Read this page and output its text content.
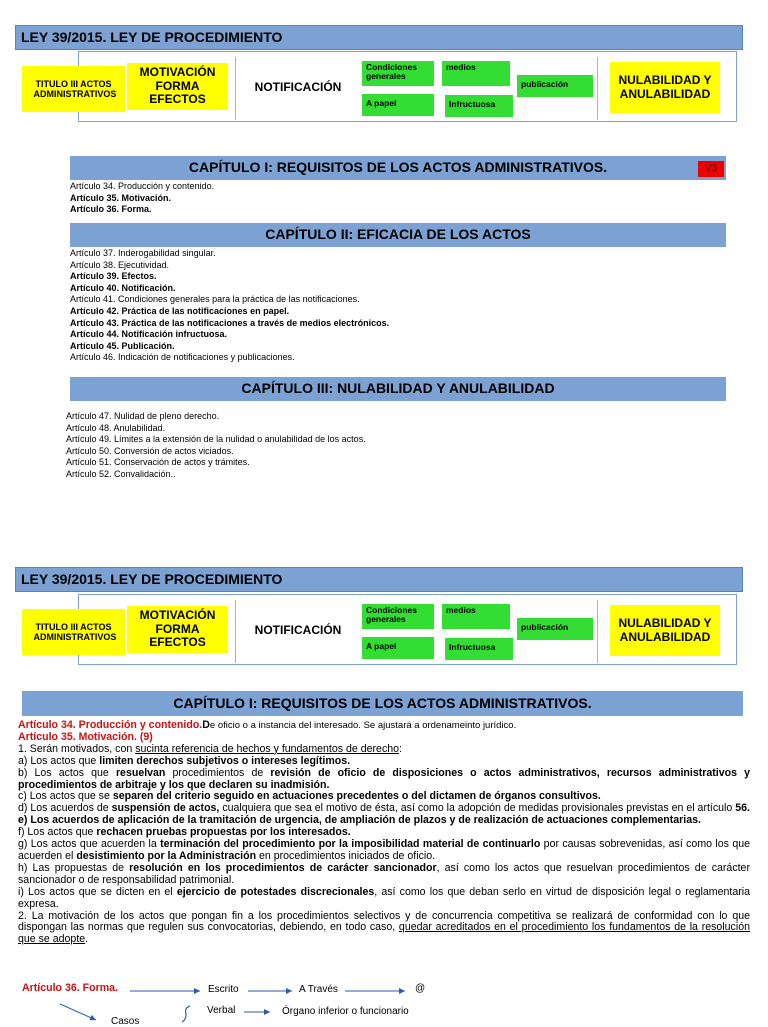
LEY 39/2015. LEY DE PROCEDIMIENTO
TITULO III ACTOS ADMINISTRATIVOS
MOTIVACIÓN FORMA EFECTOS
NOTIFICACIÓN
Condiciones generales
medios
publicación
A papel	Infructuosa
NULABILIDAD Y ANULABILIDAD
CAPÍTULO I: REQUISITOS DE LOS ACTOS ADMINISTRATIVOS.	V3
Artículo 34. Producción y contenido.
Artículo 35. Motivación.
Artículo 36. Forma.
CAPÍTULO II: EFICACIA DE LOS ACTOS
Artículo 37. Inderogabilidad singular.
Artículo 38. Ejecutividad.
Artículo 39. Efectos.
Artículo 40. Notificación.
Artículo 41. Condiciones generales para la práctica de las notificaciones.
Artículo 42. Práctica de las notificaciones en papel.
Artículo 43. Práctica de las notificaciones a través de medios electrónicos.
Artículo 44. Notificación infructuosa.
Artículo 45. Publicación.
Artículo 46. Indicación de notificaciones y publicaciones.
CAPÍTULO III: NULABILIDAD Y ANULABILIDAD
Artículo 47. Nulidad de pleno derecho.
Artículo 48. Anulabilidad.
Artículo 49. Límites a la extensión de la nulidad o anulabilidad de los actos.
Artículo 50. Conversión de actos viciados.
Artículo 51. Conservación de actos y trámites.
Artículo 52. Convalidación..
LEY 39/2015. LEY DE PROCEDIMIENTO
TITULO III ACTOS ADMINISTRATIVOS
MOTIVACIÓN FORMA EFECTOS
NOTIFICACIÓN
Condiciones generales
medios
publicación
A papel	Infructuosa
NULABILIDAD Y ANULABILIDAD
CAPÍTULO I: REQUISITOS DE LOS ACTOS ADMINISTRATIVOS.

Artículo 34. Producción y contenido.De oficio o a instancia del interesado. Se ajustará a ordenameinto jurídico.

Artículo 35. Motivación. (9)

1. Serán motivados, con sucinta referencia de hechos y fundamentos de derecho:

a) Los actos que limiten derechos subjetivos o intereses legítimos.

b) Los actos que resuelvan procedimientos de revisión de oficio de disposiciones o actos administrativos, recursos administrativos y procedimientos de arbitraje y los que declaren su inadmisión.

c) Los actos que se separen del criterio seguido en actuaciones precedentes o del dictamen de órganos consultivos.

d) Los acuerdos de suspensión de actos, cualquiera que sea el motivo de ésta, así como la adopción de medidas provisionales previstas en el artículo 56.

e) Los acuerdos de aplicación de la tramitación de urgencia, de ampliación de plazos y de realización de actuaciones complementarias.

f) Los actos que rechacen pruebas propuestas por los interesados.

g) Los actos que acuerden la terminación del procedimiento por la imposibilidad material de continuarlo por causas sobrevenidas, así como los que acuerden el desistimiento por la Administración en procedimientos iniciados de oficio.

h) Las propuestas de resolución en los procedimientos de carácter sancionador, así como los actos que resuelvan procedimientos de carácter sancionador o de responsabilidad patrimonial.

i) Los actos que se dicten en el ejercicio de potestades discrecionales, así como los que deban serlo en virtud de disposición legal o reglamentaria expresa.

2. La motivación de los actos que pongan fin a los procedimientos selectivos y de concurrencia competitiva se realizará de conformidad con lo que dispongan las normas que regulen sus convocatorias, debiendo, en todo caso, quedar acreditados en el procedimiento los fundamentos de la resolución que se adopte.

Artículo 36. Forma.	Escrito	A Través	@
Verbal	Órgano inferior o funcionario
Casos
